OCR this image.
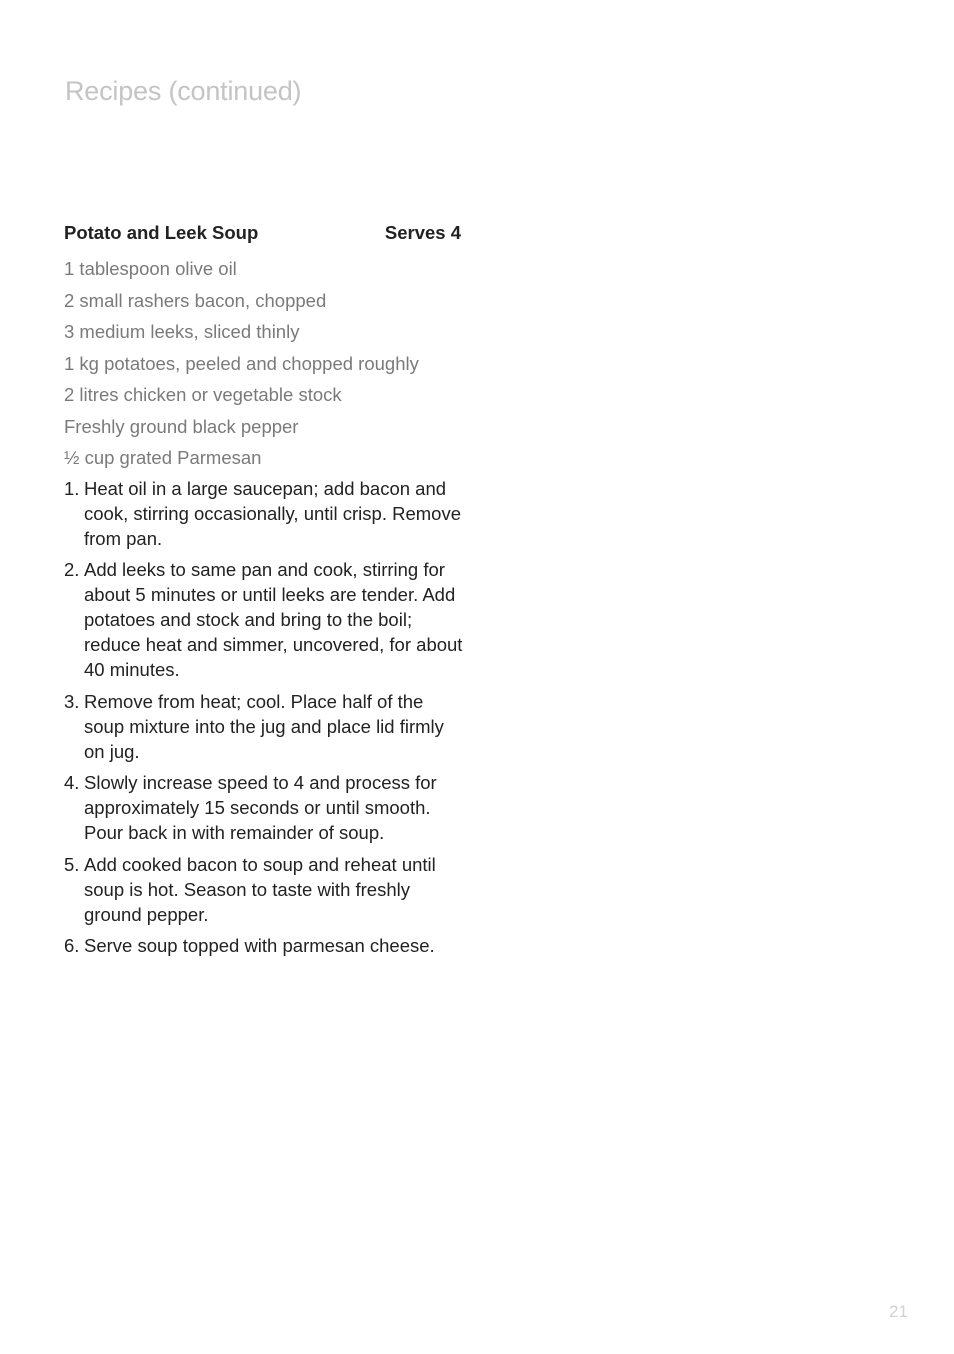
Recipes (continued)
Potato and Leek Soup	Serves 4
1 tablespoon olive oil
2 small rashers bacon, chopped
3 medium leeks, sliced thinly
1 kg potatoes, peeled and chopped roughly
2 litres chicken or vegetable stock
Freshly ground black pepper
½ cup grated Parmesan
1. Heat oil in a large saucepan; add bacon and cook, stirring occasionally, until crisp. Remove from pan.
2. Add leeks to same pan and cook, stirring for about 5 minutes or until leeks are tender. Add potatoes and stock and bring to the boil; reduce heat and simmer, uncovered, for about 40 minutes.
3. Remove from heat; cool. Place half of the soup mixture into the jug and place lid firmly on jug.
4. Slowly increase speed to 4 and process for approximately 15 seconds or until smooth. Pour back in with remainder of soup.
5. Add cooked bacon to soup and reheat until soup is hot. Season to taste with freshly ground pepper.
6. Serve soup topped with parmesan cheese.
21
